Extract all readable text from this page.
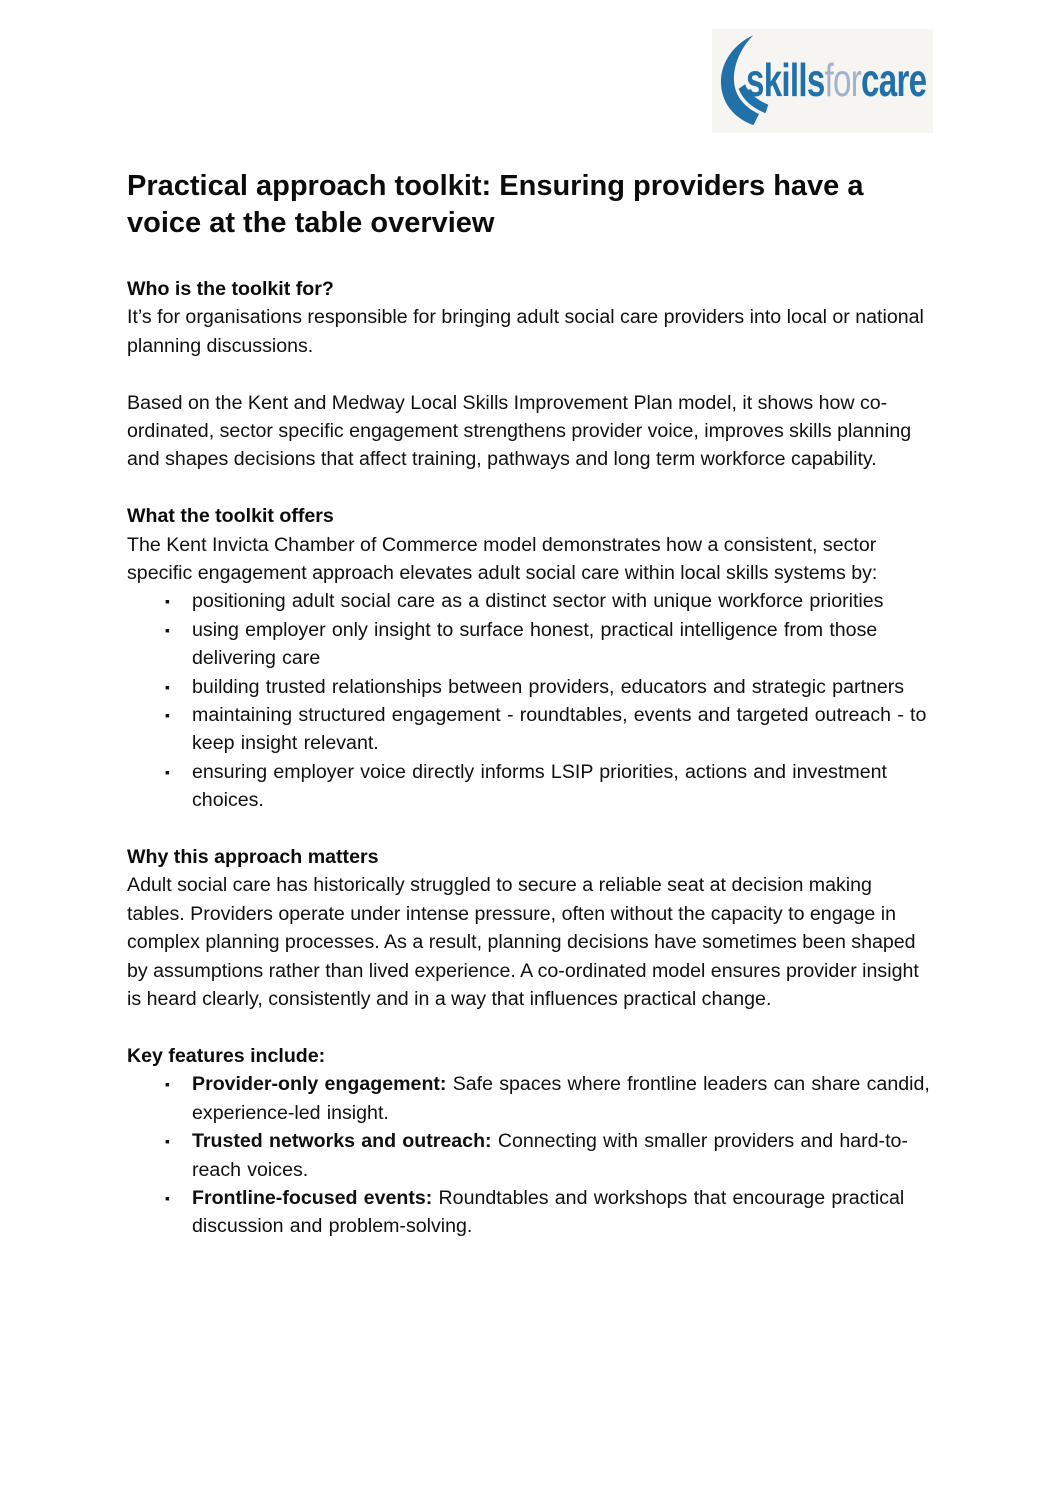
skillsforcare
Practical approach toolkit: Ensuring providers have a
voice at the table overview
Who is the toolkit for?

It’s for organisations responsible for bringing adult social care providers into local or national planning discussions.

Based on the Kent and Medway Local Skills Improvement Plan model, it shows how co-ordinated, sector specific engagement strengthens provider voice, improves skills planning and shapes decisions that affect training, pathways and long term workforce capability.

What the toolkit offers

The Kent Invicta Chamber of Commerce model demonstrates how a consistent, sector specific engagement approach elevates adult social care within local skills systems by:

▪ positioning adult social care as a distinct sector with unique workforce priorities
▪ using employer only insight to surface honest, practical intelligence from those delivering care
▪ building trusted relationships between providers, educators and strategic partners
▪ maintaining structured engagement - roundtables, events and targeted outreach - to keep insight relevant.
▪ ensuring employer voice directly informs LSIP priorities, actions and investment choices.
Why this approach matters

Adult social care has historically struggled to secure a reliable seat at decision making tables. Providers operate under intense pressure, often without the capacity to engage in complex planning processes. As a result, planning decisions have sometimes been shaped by assumptions rather than lived experience. A co-ordinated model ensures provider insight is heard clearly, consistently and in a way that influences practical change.

Key features include:
▪ Provider-only engagement: Safe spaces where frontline leaders can share candid, experience-led insight.
▪ Trusted networks and outreach: Connecting with smaller providers and hard-to-reach voices.
▪ Frontline-focused events: Roundtables and workshops that encourage practical discussion and problem-solving.
